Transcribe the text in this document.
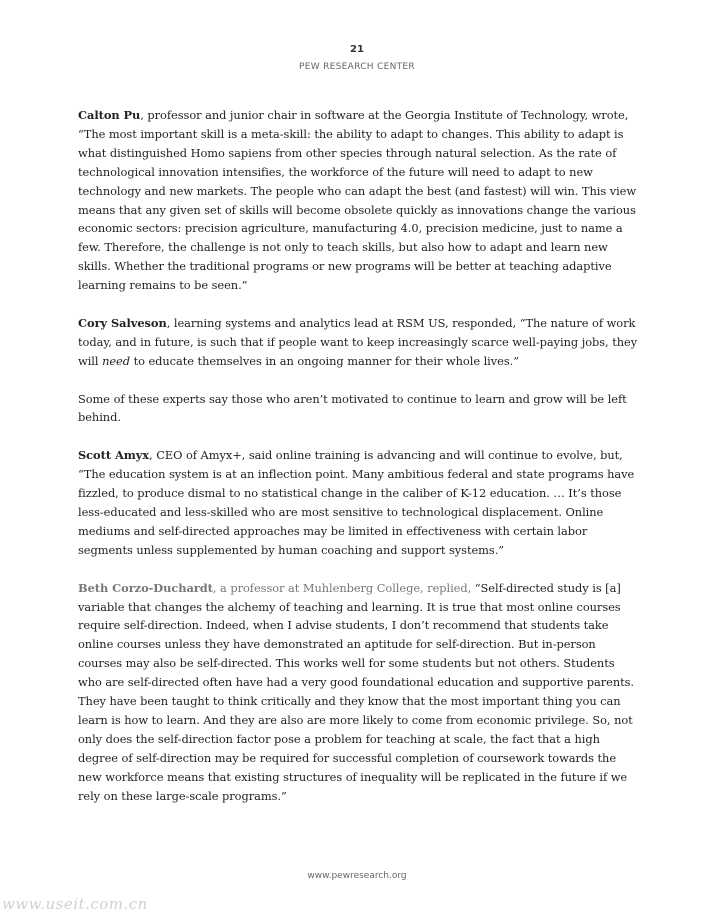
21
PEW RESEARCH CENTER

Calton Pu, professor and junior chair in software at the Georgia Institute of Technology, wrote, “The most important skill is a meta-skill: the ability to adapt to changes. This ability to adapt is what distinguished Homo sapiens from other species through natural selection. As the rate of technological innovation intensifies, the workforce of the future will need to adapt to new technology and new markets. The people who can adapt the best (and fastest) will win. This view means that any given set of skills will become obsolete quickly as innovations change the various economic sectors: precision agriculture, manufacturing 4.0, precision medicine, just to name a few. Therefore, the challenge is not only to teach skills, but also how to adapt and learn new skills. Whether the traditional programs or new programs will be better at teaching adaptive learning remains to be seen.”

Cory Salveson, learning systems and analytics lead at RSM US, responded, “The nature of work today, and in future, is such that if people want to keep increasingly scarce well-paying jobs, they will need to educate themselves in an ongoing manner for their whole lives.”

Some of these experts say those who aren’t motivated to continue to learn and grow will be left behind.

Scott Amyx, CEO of Amyx+, said online training is advancing and will continue to evolve, but, “The education system is at an inflection point. Many ambitious federal and state programs have fizzled, to produce dismal to no statistical change in the caliber of K-12 education. … It’s those less-educated and less-skilled who are most sensitive to technological displacement. Online mediums and self-directed approaches may be limited in effectiveness with certain labor segments unless supplemented by human coaching and support systems.”

Beth Corzo-Duchardt, a professor at Muhlenberg College, replied, “Self-directed study is [a] variable that changes the alchemy of teaching and learning. It is true that most online courses require self-direction. Indeed, when I advise students, I don’t recommend that students take online courses unless they have demonstrated an aptitude for self-direction. But in-person courses may also be self-directed. This works well for some students but not others. Students who are self-directed often have had a very good foundational education and supportive parents. They have been taught to think critically and they know that the most important thing you can learn is how to learn. And they are also are more likely to come from economic privilege. So, not only does the self-direction factor pose a problem for teaching at scale, the fact that a high degree of self-direction may be required for successful completion of coursework towards the new workforce means that existing structures of inequality will be replicated in the future if we rely on these large-scale programs.”

www.pewresearch.org
www.useit.com.cn
